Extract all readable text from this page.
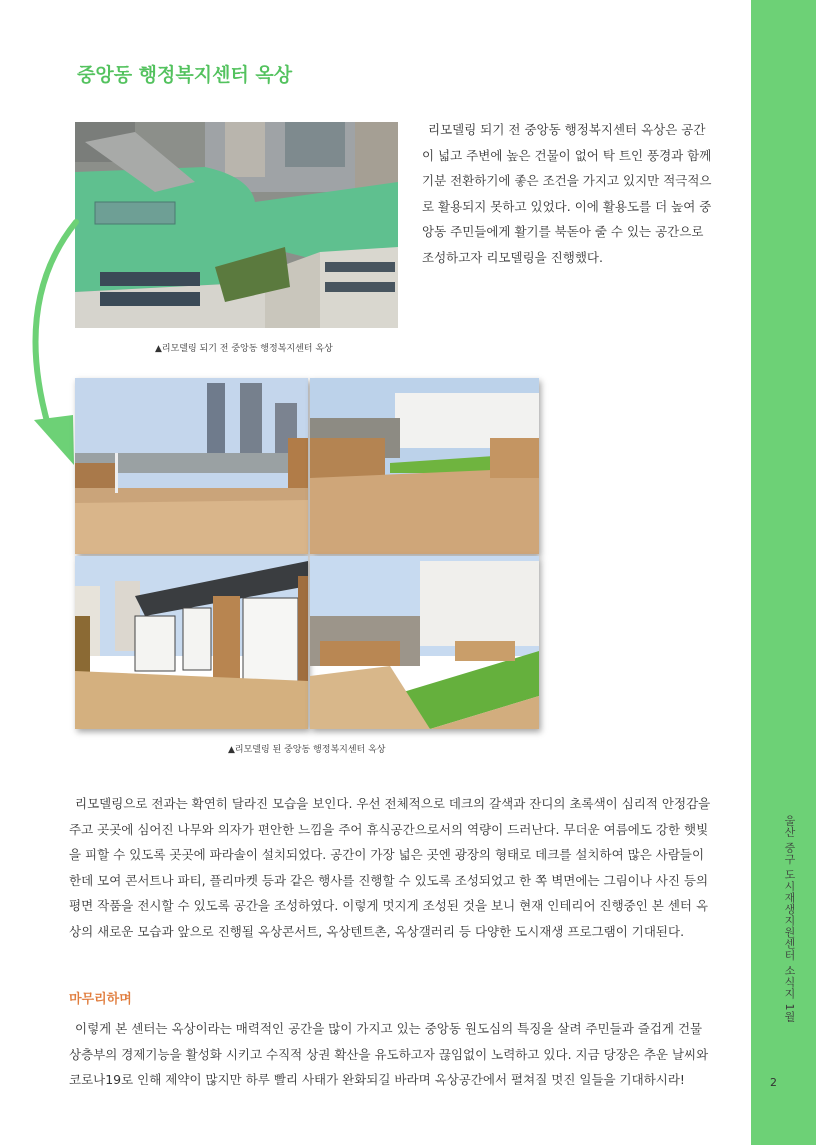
울산 중구 도시재생지원센터 소식지 1월
2
중앙동 행정복지센터 옥상
▲리모델링 되기 전 중앙동 행정복지센터 옥상

리모델링 되기 전 중앙동 행정복지센터 옥상은 공간이 넓고 주변에 높은 건물이 없어 탁 트인 풍경과 함께 기분 전환하기에 좋은 조건을 가지고 있지만 적극적으로 활용되지 못하고 있었다. 이에 활용도를 더 높여 중앙동 주민들에게 활기를 북돋아 줄 수 있는 공간으로 조성하고자 리모델링을 진행했다.

▲리모델링 된 중앙동 행정복지센터 옥상

리모델링으로 전과는 확연히 달라진 모습을 보인다. 우선 전체적으로 데크의 갈색과 잔디의 초록색이 심리적 안정감을 주고 곳곳에 심어진 나무와 의자가 편안한 느낌을 주어 휴식공간으로서의 역량이 드러난다. 무더운 여름에도 강한 햇빛을 피할 수 있도록 곳곳에 파라솔이 설치되었다. 공간이 가장 넓은 곳엔 광장의 형태로 데크를 설치하여 많은 사람들이 한데 모여 콘서트나 파티, 플리마켓 등과 같은 행사를 진행할 수 있도록 조성되었고 한 쪽 벽면에는 그림이나 사진 등의 평면 작품을 전시할 수 있도록 공간을 조성하였다. 이렇게 멋지게 조성된 것을 보니 현재 인테리어 진행중인 본 센터 옥상의 새로운 모습과 앞으로 진행될 옥상콘서트, 옥상텐트촌, 옥상갤러리 등 다양한 도시재생 프로그램이 기대된다.

마무리하며

이렇게 본 센터는 옥상이라는 매력적인 공간을 많이 가지고 있는 중앙동 원도심의 특징을 살려 주민들과 즐겁게 건물 상층부의 경제기능을 활성화 시키고 수직적 상권 확산을 유도하고자 끊임없이 노력하고 있다. 지금 당장은 추운 날씨와 코로나19로 인해 제약이 많지만 하루 빨리 사태가 완화되길 바라며 옥상공간에서 펼쳐질 멋진 일들을 기대하시라!
